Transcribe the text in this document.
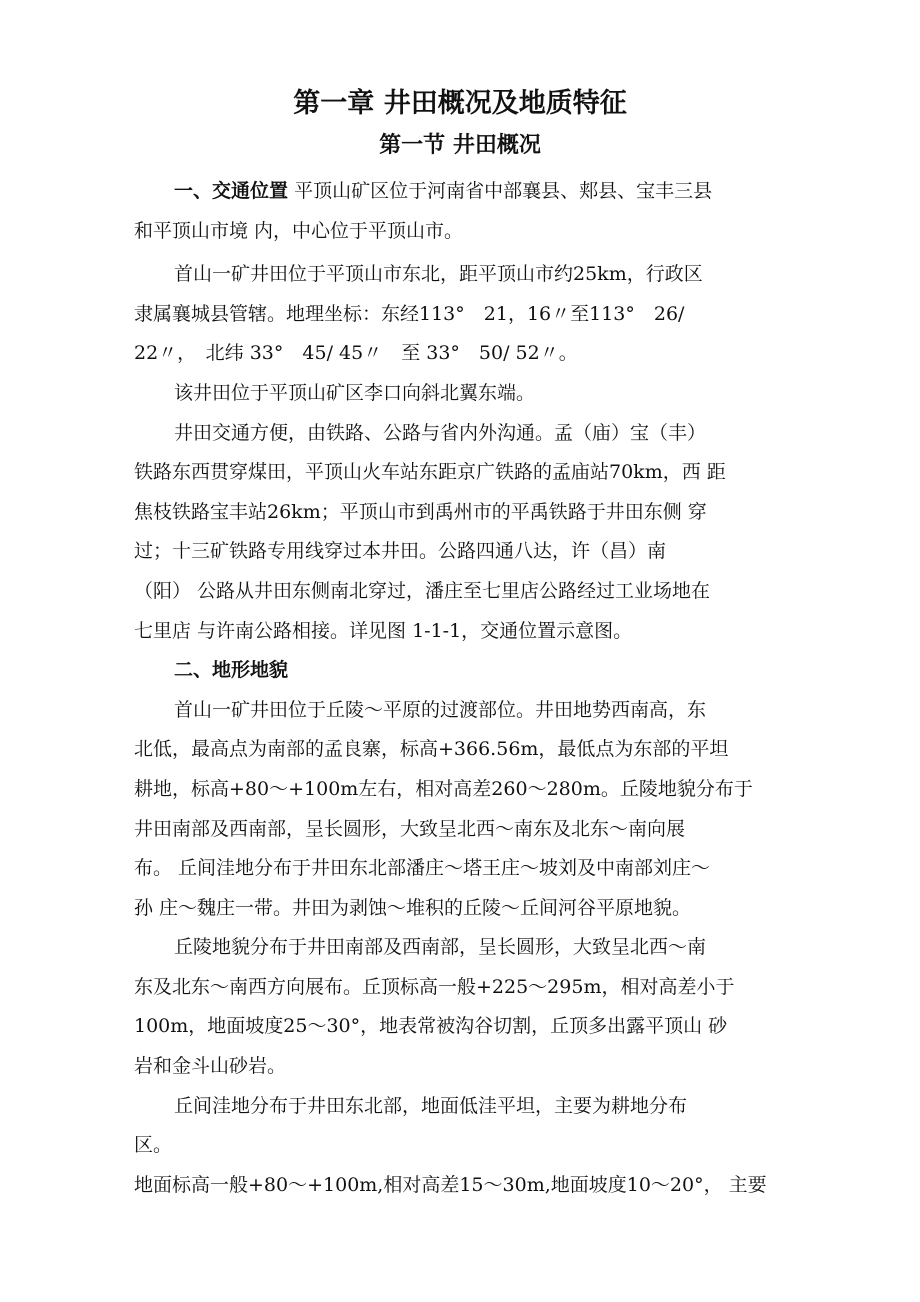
第一章 井田概况及地质特征
第一节 井田概况
一、交通位置 平顶山矿区位于河南省中部襄县、郏县、宝丰三县
和平顶山市境 内，中心位于平顶山市。
首山一矿井田位于平顶山市东北，距平顶山市约25km，行政区
隶属襄城县管辖。地理坐标：东经113°　21，16〃至113°　26/
22〃，　北纬 33°　45/ 45〃　至 33°　50/ 52〃。
该井田位于平顶山矿区李口向斜北翼东端。
井田交通方便，由铁路、公路与省内外沟通。孟（庙）宝（丰）
铁路东西贯穿煤田，平顶山火车站东距京广铁路的孟庙站70km，西 距
焦枝铁路宝丰站26km；平顶山市到禹州市的平禹铁路于井田东侧 穿
过；十三矿铁路专用线穿过本井田。公路四通八达，许（昌）南
（阳） 公路从井田东侧南北穿过，潘庄至七里店公路经过工业场地在
七里店 与许南公路相接。详见图 1-1-1，交通位置示意图。
二、地形地貌
首山一矿井田位于丘陵～平原的过渡部位。井田地势西南高，东
北低，最高点为南部的孟良寨，标高+366.56m，最低点为东部的平坦
耕地，标高+80～+100m左右，相对高差260～280m。丘陵地貌分布于
井田南部及西南部，呈长圆形，大致呈北西～南东及北东～南向展
布。 丘间洼地分布于井田东北部潘庄～塔王庄～坡刘及中南部刘庄～
孙 庄～魏庄一带。井田为剥蚀～堆积的丘陵～丘间河谷平原地貌。
丘陵地貌分布于井田南部及西南部，呈长圆形，大致呈北西～南
东及北东～南西方向展布。丘顶标高一般+225～295m，相对高差小于
100m，地面坡度25～30°，地表常被沟谷切割，丘顶多出露平顶山 砂
岩和金斗山砂岩。
丘间洼地分布于井田东北部，地面低洼平坦，主要为耕地分布
区。
地面标高一般+80～+100m,相对高差15～30m,地面坡度10～20°， 主要
